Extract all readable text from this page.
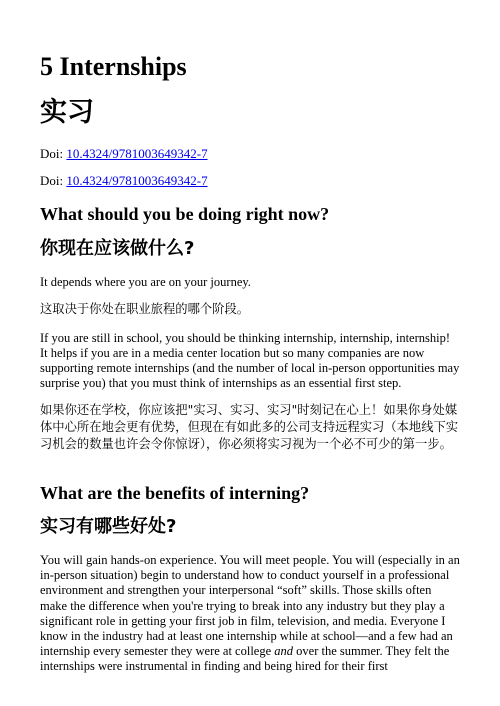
5 Internships
实习
Doi: 10.4324/9781003649342-7
Doi: 10.4324/9781003649342-7
What should you be doing right now?
你现在应该做什么?

It depends where you are on your journey.

这取决于你处在职业旅程的哪个阶段。

If you are still in school, you should be thinking internship, internship, internship! It helps if you are in a media center location but so many companies are now supporting remote internships (and the number of local in-person opportunities may surprise you) that you must think of internships as an essential first step.

如果你还在学校，你应该把"实习、实习、实习"时刻记在心上！如果你身处媒体中心所在地会更有优势，但现在有如此多的公司支持远程实习（本地线下实习机会的数量也许会令你惊讶），你必须将实习视为一个必不可少的第一步。

What are the benefits of interning?
实习有哪些好处?

You will gain hands-on experience. You will meet people. You will (especially in an in-person situation) begin to understand how to conduct yourself in a professional environment and strengthen your interpersonal “soft” skills. Those skills often make the difference when you're trying to break into any industry but they play a significant role in getting your first job in film, television, and media. Everyone I know in the industry had at least one internship while at school—and a few had an internship every semester they were at college and over the summer. They felt the internships were instrumental in finding and being hired for their first
